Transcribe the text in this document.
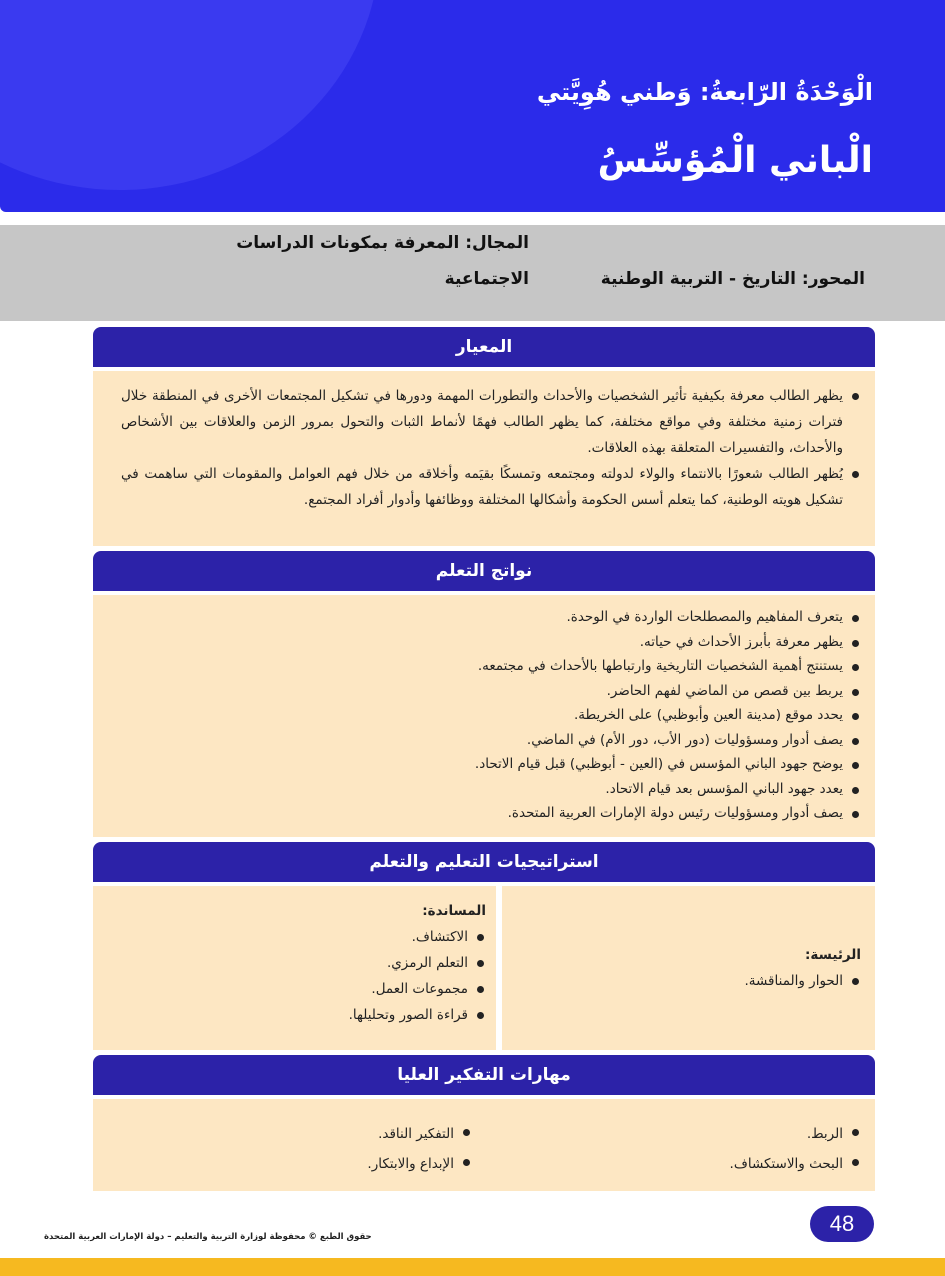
الْوَحْدَةُ الرّابعةُ: وَطني هُوِيَّتي
الْباني الْمُؤسِّسُ
المجال: المعرفة بمكونات الدراسات
المحور: التاريخ - التربية الوطنية
الاجتماعية
المعيار
يظهر الطالب معرفة بكيفية تأثير الشخصيات والأحداث والتطورات المهمة ودورها في تشكيل المجتمعات الأخرى في المنطقة خلال فترات زمنية مختلفة وفي مواقع مختلفة، كما يظهر الطالب فهمًا لأنماط الثبات والتحول بمرور الزمن والعلاقات بين الأشخاص والأحداث، والتفسيرات المتعلقة بهذه العلاقات.
يُظهر الطالب شعورًا بالانتماء والولاء لدولته ومجتمعه وتمسكًا بقيَمه وأخلاقه من خلال فهم العوامل والمقومات التي ساهمت في تشكيل هويته الوطنية، كما يتعلم أسس الحكومة وأشكالها المختلفة ووظائفها وأدوار أفراد المجتمع.
نواتج التعلم
يتعرف المفاهيم والمصطلحات الواردة في الوحدة.
يظهر معرفة بأبرز الأحداث في حياته.
يستنتج أهمية الشخصيات التاريخية وارتباطها بالأحداث في مجتمعه.
يربط بين قصص من الماضي لفهم الحاضر.
يحدد موقع (مدينة العين وأبوظبي) على الخريطة.
يصف أدوار ومسؤوليات (دور الأب، دور الأم) في الماضي.
يوضح جهود الباني المؤسس في (العين - أبوظبي) قبل قيام الاتحاد.
يعدد جهود الباني المؤسس بعد قيام الاتحاد.
يصف أدوار ومسؤوليات رئيس دولة الإمارات العربية المتحدة.
استراتيجيات التعليم والتعلم
الرئيسة:
الحوار والمناقشة.
المساندة:
الاكتشاف.
التعلم الرمزي.
مجموعات العمل.
قراءة الصور وتحليلها.
مهارات التفكير العليا
الربط.
البحث والاستكشاف.
التفكير الناقد.
الإبداع والابتكار.
48
حقوق الطبع © محفوظة لوزارة التربية والتعليم – دولة الإمارات العربية المتحدة
